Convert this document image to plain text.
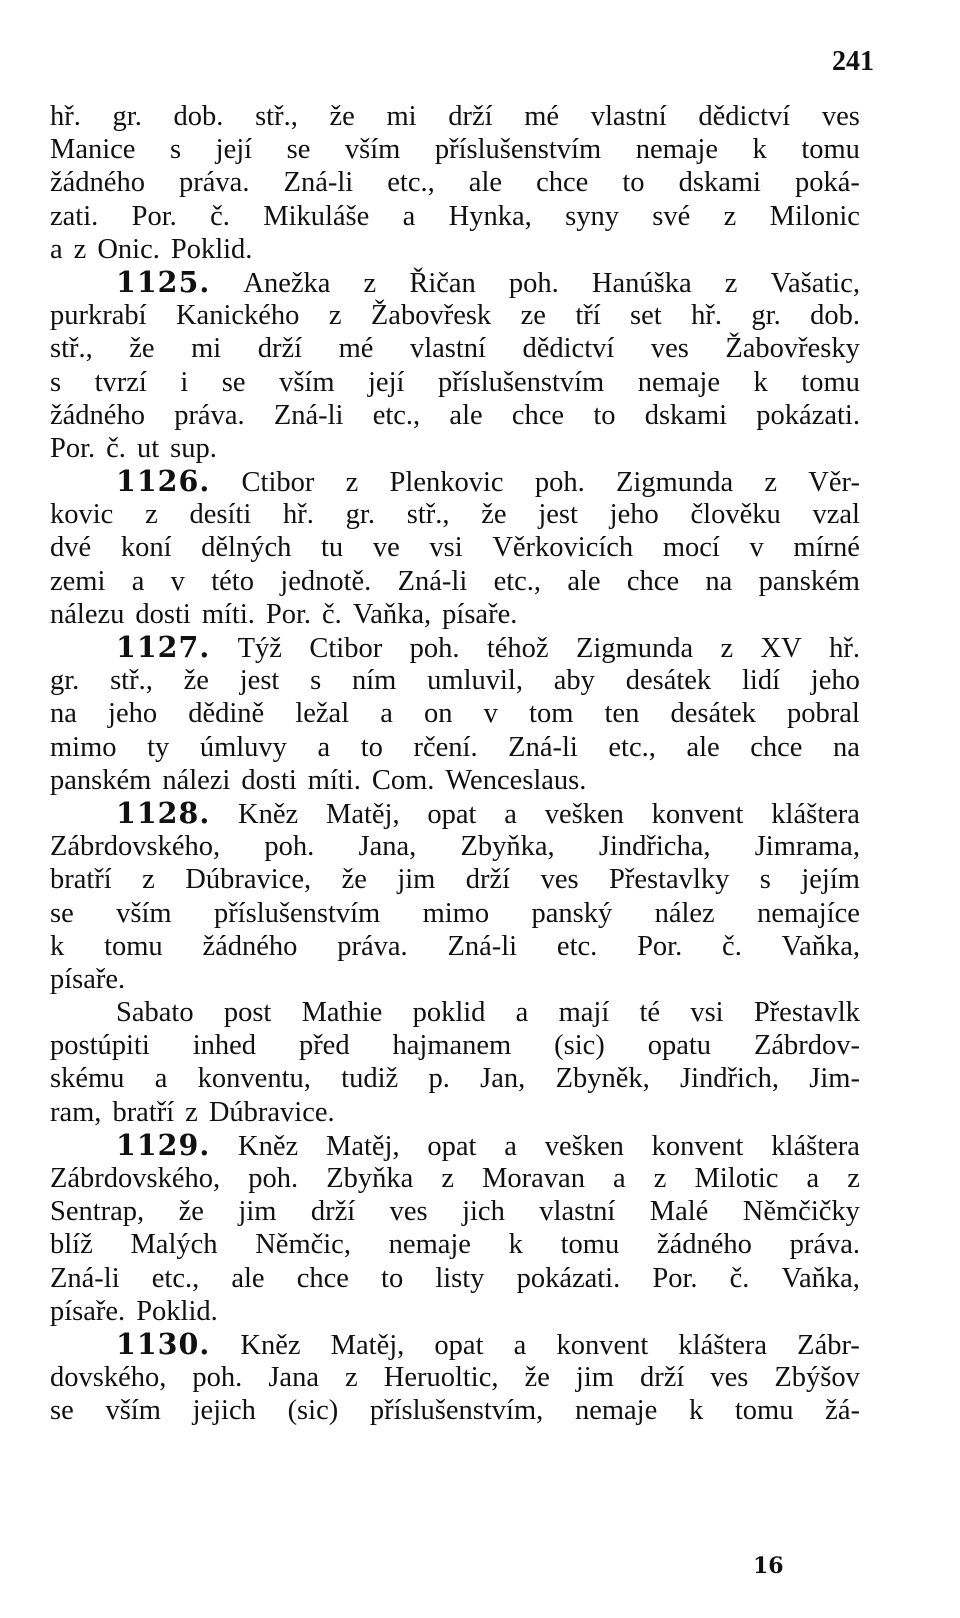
241
hř. gr. dob. stř., že mi drží mé vlastní dědictví ves
Manice s její se vším příslušenstvím nemaje k tomu
žádného práva. Zná-li etc., ale chce to dskami poká-
zati. Por. č. Mikuláše a Hynka, syny své z Milonic
a z Onic. Poklid.
1125. Anežka z Řičan poh. Hanúška z Vašatic,
purkrabí Kanického z Žabovřesk ze tří set hř. gr. dob.
stř., že mi drží mé vlastní dědictví ves Žabovřesky
s tvrzí i se vším její příslušenstvím nemaje k tomu
žádného práva. Zná-li etc., ale chce to dskami pokázati.
Por. č. ut sup.
1126. Ctibor z Plenkovic poh. Zigmunda z Věr-
kovic z desíti hř. gr. stř., že jest jeho člověku vzal
dvé koní dělných tu ve vsi Věrkovicích mocí v mírné
zemi a v této jednotě. Zná-li etc., ale chce na panském
nálezu dosti míti. Por. č. Vaňka, písaře.
1127. Týž Ctibor poh. téhož Zigmunda z XV hř.
gr. stř., že jest s ním umluvil, aby desátek lidí jeho
na jeho dědině ležal a on v tom ten desátek pobral
mimo ty úmluvy a to rčení. Zná-li etc., ale chce na
panském nálezi dosti míti. Com. Wenceslaus.
1128. Kněz Matěj, opat a vešken konvent kláštera
Zábrdovského, poh. Jana, Zbyňka, Jindřicha, Jimrama,
bratří z Dúbravice, že jim drží ves Přestavlky s jejím
se vším příslušenstvím mimo panský nález nemajíce
k tomu žádného práva. Zná-li etc. Por. č. Vaňka,
písaře.
Sabato post Mathie poklid a mají té vsi Přestavlk
postúpiti inhed před hajmanem (sic) opatu Zábrdov-
skému a konventu, tudiž p. Jan, Zbyněk, Jindřich, Jim-
ram, bratří z Dúbravice.
1129. Kněz Matěj, opat a vešken konvent kláštera
Zábrdovského, poh. Zbyňka z Moravan a z Milotic a z
Sentrap, že jim drží ves jich vlastní Malé Němčičky
blíž Malých Němčic, nemaje k tomu žádného práva.
Zná-li etc., ale chce to listy pokázati. Por. č. Vaňka,
písaře. Poklid.
1130. Kněz Matěj, opat a konvent kláštera Zábr-
dovského, poh. Jana z Heruoltic, že jim drží ves Zbýšov
se vším jejich (sic) příslušenstvím, nemaje k tomu žá-
16
